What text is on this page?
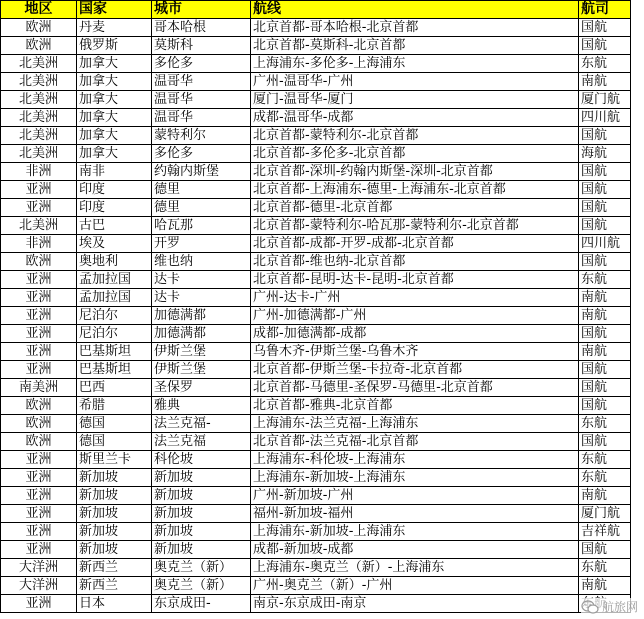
地区	国家	城市	航线	航司
欧洲	丹麦	哥本哈根	北京首都-哥本哈根-北京首都	国航
欧洲	俄罗斯	莫斯科	北京首都-莫斯科-北京首都	国航
北美洲	加拿大	多伦多	上海浦东-多伦多-上海浦东	东航
北美洲	加拿大	温哥华	广州-温哥华-广州	南航
北美洲	加拿大	温哥华	厦门-温哥华-厦门	厦门航
北美洲	加拿大	温哥华	成都-温哥华-成都	四川航
北美洲	加拿大	蒙特利尔	北京首都-蒙特利尔-北京首都	国航
北美洲	加拿大	多伦多	北京首都-多伦多-北京首都	海航
非洲	南非	约翰内斯堡	北京首都-深圳-约翰内斯堡-深圳-北京首都	国航
亚洲	印度	德里	北京首都-上海浦东-德里-上海浦东-北京首都	国航
亚洲	印度	德里	北京首都-德里-北京首都	国航
北美洲	古巴	哈瓦那	北京首都-蒙特利尔-哈瓦那-蒙特利尔-北京首都	国航
非洲	埃及	开罗	北京首都-成都-开罗-成都-北京首都	四川航
欧洲	奥地利	维也纳	北京首都-维也纳-北京首都	国航
亚洲	孟加拉国	达卡	北京首都-昆明-达卡-昆明-北京首都	东航
亚洲	孟加拉国	达卡	广州-达卡-广州	南航
亚洲	尼泊尔	加德满都	广州-加德满都-广州	南航
亚洲	尼泊尔	加德满都	成都-加德满都-成都	国航
亚洲	巴基斯坦	伊斯兰堡	乌鲁木齐-伊斯兰堡-乌鲁木齐	南航
亚洲	巴基斯坦	伊斯兰堡	北京首都-伊斯兰堡-卡拉奇-北京首都	国航
南美洲	巴西	圣保罗	北京首都-马德里-圣保罗-马德里-北京首都	国航
欧洲	希腊	雅典	北京首都-雅典-北京首都	国航
欧洲	德国	法兰克福-	上海浦东-法兰克福-上海浦东	东航
欧洲	德国	法兰克福	北京首都-法兰克福-北京首都	国航
亚洲	斯里兰卡	科伦坡	上海浦东-科伦坡-上海浦东	东航
亚洲	新加坡	新加坡	上海浦东-新加坡-上海浦东	东航
亚洲	新加坡	新加坡	广州-新加坡-广州	南航
亚洲	新加坡	新加坡	福州-新加坡-福州	厦门航
亚洲	新加坡	新加坡	上海浦东-新加坡-上海浦东	吉祥航
亚洲	新加坡	新加坡	成都-新加坡-成都	国航
大洋洲	新西兰	奥克兰（新）	上海浦东-奥克兰（新）-上海浦东	东航
大洋洲	新西兰	奥克兰（新）	广州-奥克兰（新）-广州	南航
亚洲	日本	东京成田-	南京-东京成田-南京		航旅网
